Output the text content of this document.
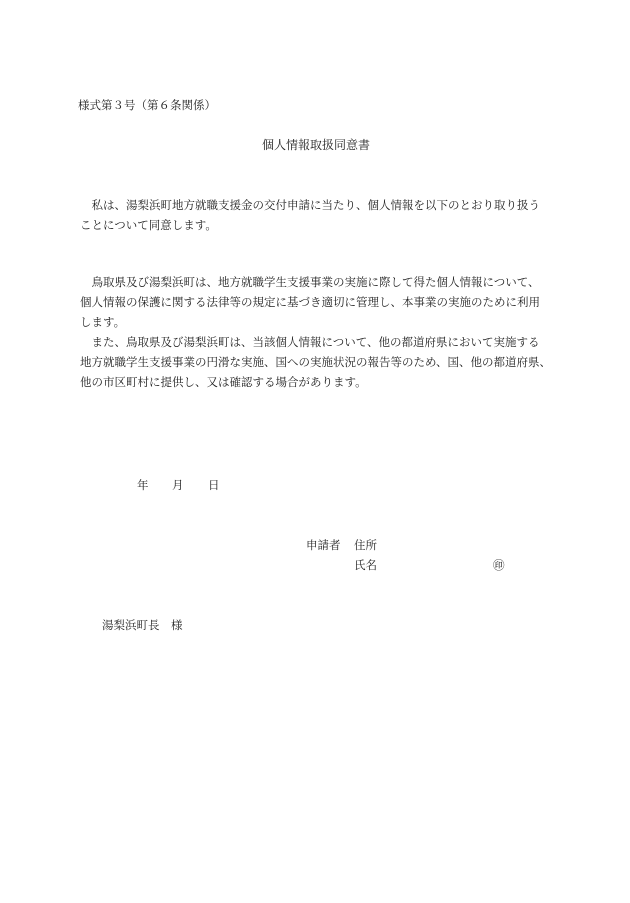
様式第３号（第６条関係）
個人情報取扱同意書
　私は、湯梨浜町地方就職支援金の交付申請に当たり、個人情報を以下のとおり取り扱う
ことについて同意します。
　鳥取県及び湯梨浜町は、地方就職学生支援事業の実施に際して得た個人情報について、
個人情報の保護に関する法律等の規定に基づき適切に管理し、本事業の実施のために利用
します。
　また、鳥取県及び湯梨浜町は、当該個人情報について、他の都道府県において実施する
地方就職学生支援事業の円滑な実施、国への実施状況の報告等のため、国、他の都道府県、
他の市区町村に提供し、又は確認する場合があります。
年 月 日
申請者 住所
氏名	㊞
湯梨浜町長　様
